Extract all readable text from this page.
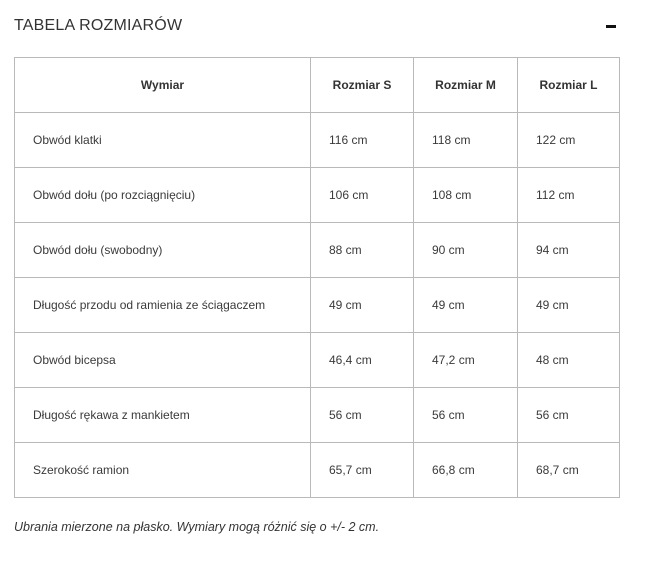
TABELA ROZMIARÓW
Wymiar	Rozmiar S	Rozmiar M	Rozmiar L
Obwód klatki	116 cm	118 cm	122 cm
Obwód dołu (po rozciągnięciu)	106 cm	108 cm	112 cm
Obwód dołu (swobodny)	88 cm	90 cm	94 cm
Długość przodu od ramienia ze ściągaczem	49 cm	49 cm	49 cm
Obwód bicepsa	46,4 cm	47,2 cm	48 cm
Długość rękawa z mankietem	56 cm	56 cm	56 cm
Szerokość ramion	65,7 cm	66,8 cm	68,7 cm
Ubrania mierzone na płasko. Wymiary mogą różnić się o +/- 2 cm.
